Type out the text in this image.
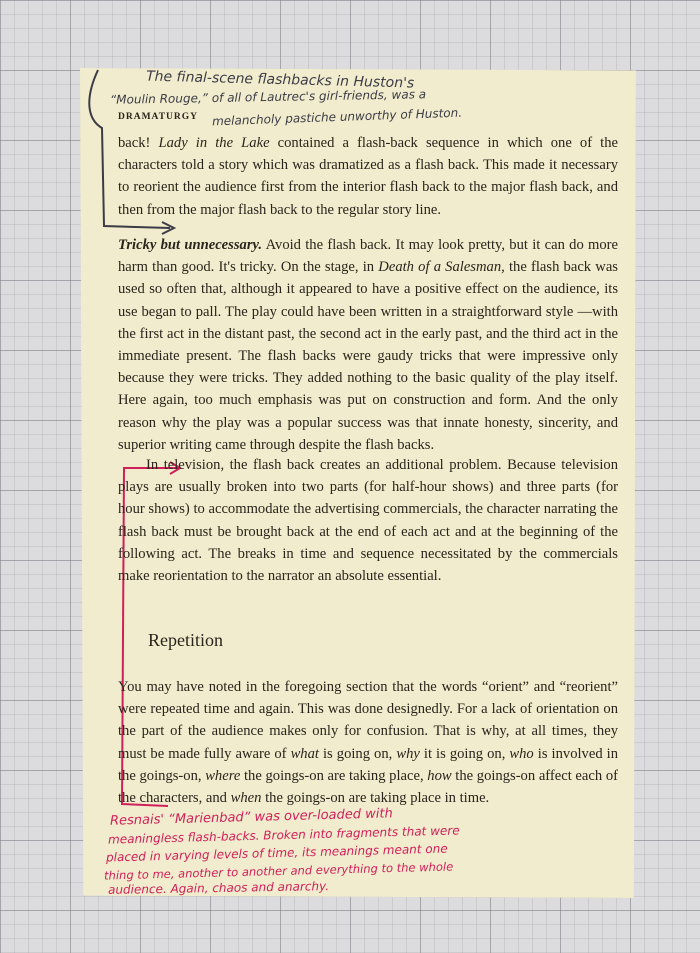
DRAMATURGY
back! Lady in the Lake contained a flash-back sequence in which one of the characters told a story which was dramatized as a flash back. This made it necessary to reorient the audience first from the interior flash back to the major flash back, and then from the major flash back to the regular story line.
Tricky but unnecessary. Avoid the flash back. It may look pretty, but it can do more harm than good. It's tricky. On the stage, in Death of a Salesman, the flash back was used so often that, although it appeared to have a positive effect on the audience, its use began to pall. The play could have been written in a straightforward style —with the first act in the distant past, the second act in the early past, and the third act in the immediate present. The flash backs were gaudy tricks that were impressive only because they were tricks. They added nothing to the basic quality of the play itself. Here again, too much emphasis was put on construction and form. And the only reason why the play was a popular success was that innate honesty, sincerity, and superior writing came through despite the flash backs.
In television, the flash back creates an additional problem. Because television plays are usually broken into two parts (for half-hour shows) and three parts (for hour shows) to accommodate the advertising commercials, the character narrating the flash back must be brought back at the end of each act and at the beginning of the following act. The breaks in time and sequence necessitated by the commercials make reorientation to the narrator an absolute essential.
Repetition
You may have noted in the foregoing section that the words “orient” and “reorient” were repeated time and again. This was done designedly. For a lack of orientation on the part of the audience makes only for confusion. That is why, at all times, they must be made fully aware of what is going on, why it is going on, who is involved in the goings-on, where the goings-on are taking place, how the goings-on affect each of the characters, and when the goings-on are taking place in time.
The final-scene flashbacks in Huston's
“Moulin Rouge,” of all of Lautrec's girl-friends, was a
melancholy pastiche unworthy of Huston.
Resnais' “Marienbad” was over-loaded with
meaningless flash-backs. Broken into fragments that were
placed in varying levels of time, its meanings meant one
thing to me, another to another and everything to the whole
audience. Again, chaos and anarchy.
